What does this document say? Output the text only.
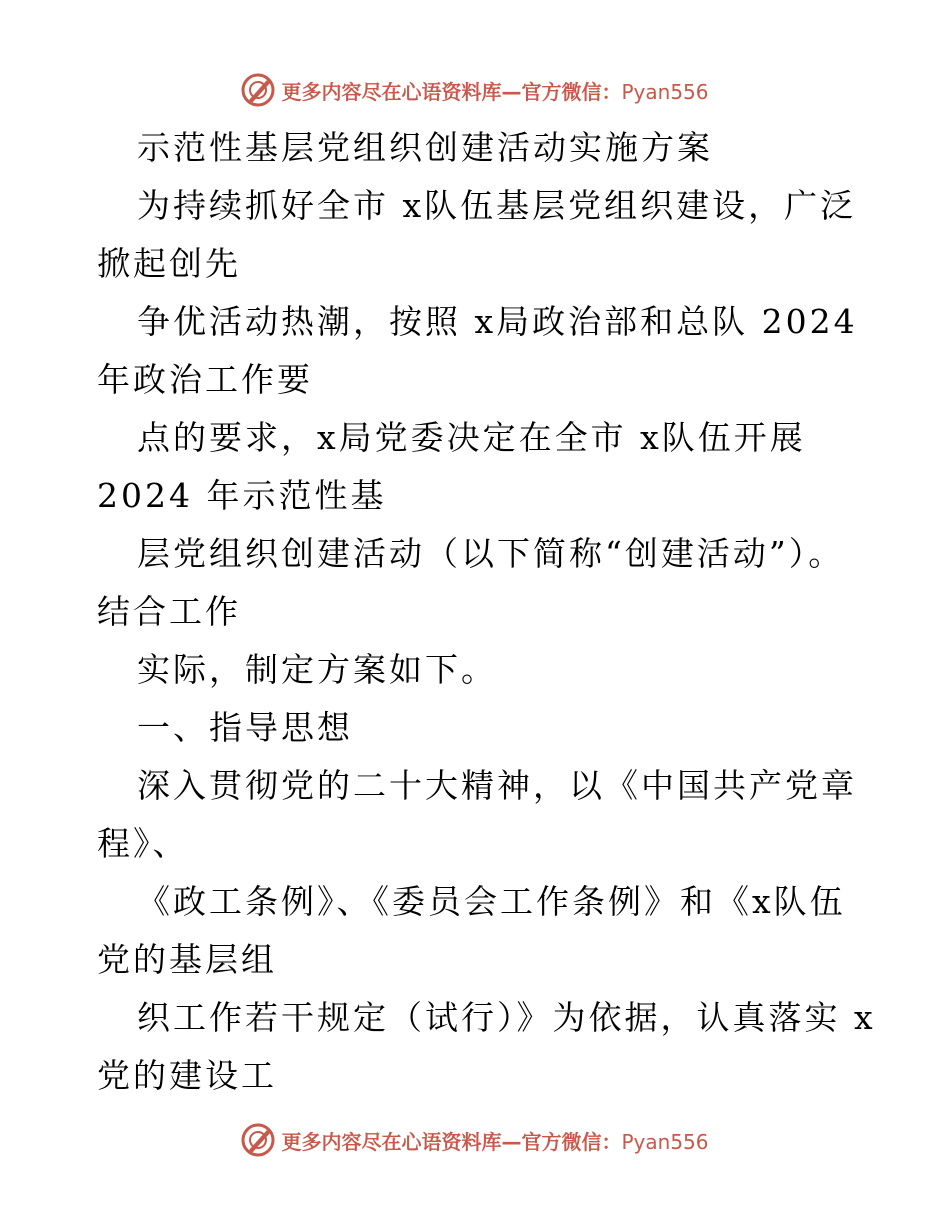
更多内容尽在心语资料库—官方微信：Pyan556
示范性基层党组织创建活动实施方案
为持续抓好全市 x队伍基层党组织建设，广泛
掀起创先
争优活动热潮，按照 x局政治部和总队 2024
年政治工作要
点的要求，x局党委决定在全市 x队伍开展
2024 年示范性基
层党组织创建活动（以下简称“创建活动”）。
结合工作
实际，制定方案如下。
一、指导思想
深入贯彻党的二十大精神，以《中国共产党章
程》、
《政工条例》、《委员会工作条例》和《x队伍
党的基层组
织工作若干规定（试行）》为依据，认真落实 x
党的建设工
更多内容尽在心语资料库—官方微信：Pyan556
